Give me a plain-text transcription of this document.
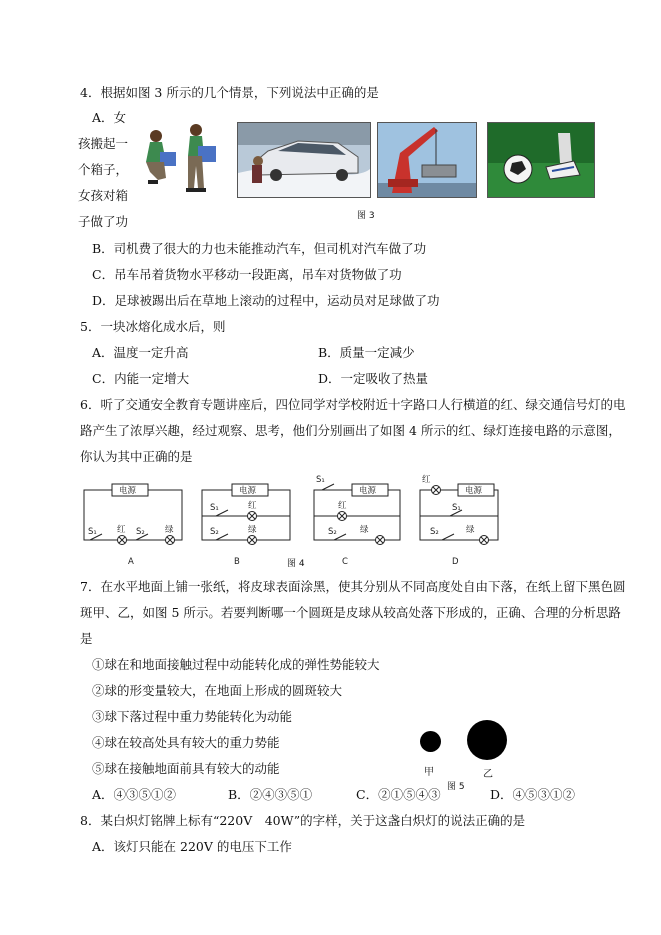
4．根据如图 3 所示的几个情景，下列说法中正确的是
A．女
孩搬起一
个箱子，
女孩对箱
子做了功	图 3
B．司机费了很大的力也未能推动汽车，但司机对汽车做了功
C．吊车吊着货物水平移动一段距离，吊车对货物做了功
D．足球被踢出后在草地上滚动的过程中，运动员对足球做了功
5．一块冰熔化成水后，则
A．温度一定升高	B．质量一定减少
C．内能一定增大	D．一定吸收了热量
6．听了交通安全教育专题讲座后，四位同学对学校附近十字路口人行横道的红、绿交通信号灯的电
路产生了浓厚兴趣，经过观察、思考，他们分别画出了如图 4 所示的红、绿灯连接电路的示意图，
你认为其中正确的是
电源
S₁ 红 S₂ 绿
A
电源
S₁	红
S₂	绿
B
电源
S₁
红
S₂	绿
C
电源
红
S₁
S₂	绿
D
图 4
7．在水平地面上铺一张纸，将皮球表面涂黑，使其分别从不同高度处自由下落，在纸上留下黑色圆
斑甲、乙，如图 5 所示。若要判断哪一个圆斑是皮球从较高处落下形成的，正确、合理的分析思路
是
①球在和地面接触过程中动能转化成的弹性势能较大
②球的形变量较大，在地面上形成的圆斑较大
③球下落过程中重力势能转化为动能
④球在较高处具有较大的重力势能
⑤球在接触地面前具有较大的动能	甲	乙
图 5
A．④③⑤①②	B．②④③⑤①	C．②①⑤④③	D．④⑤③①②
8．某白炽灯铭牌上标有“220V　40W”的字样，关于这盏白炽灯的说法正确的是
A．该灯只能在 220V 的电压下工作
